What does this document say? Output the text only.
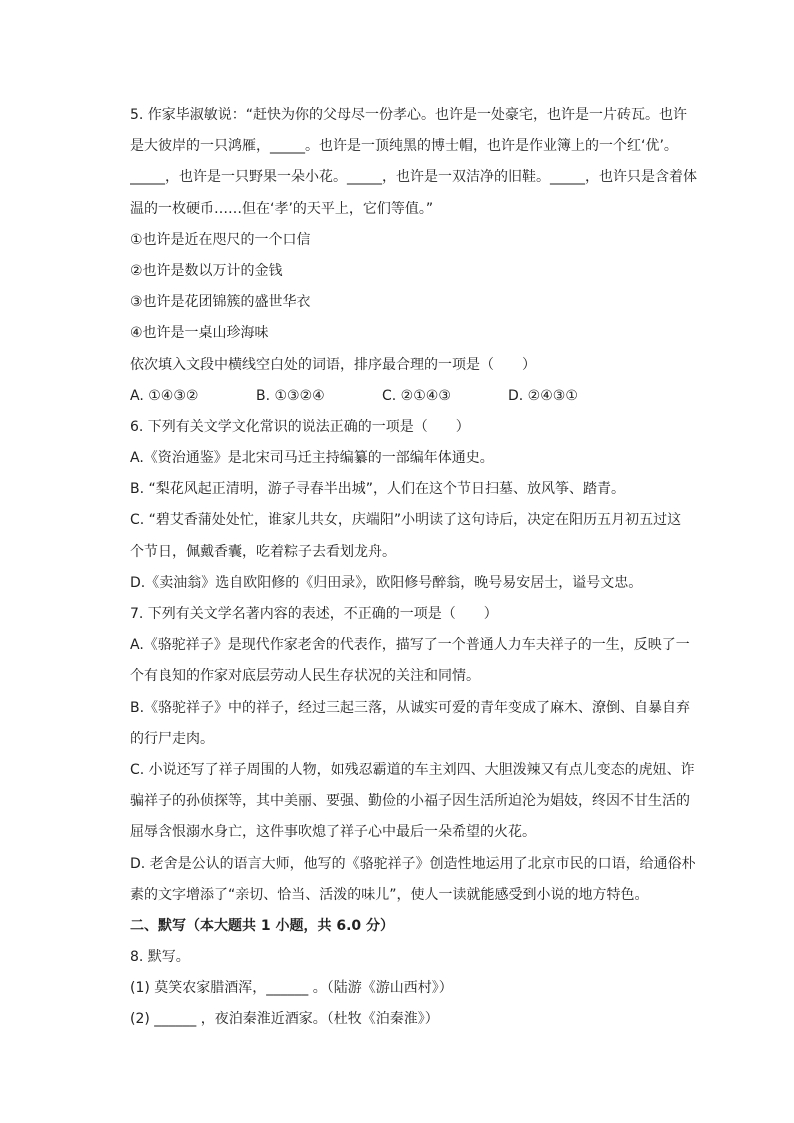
5. 作家毕淑敏说：“赶快为你的父母尽一份孝心。也许是一处豪宅，也许是一片砖瓦。也许
是大彼岸的一只鸿雁，_____。也许是一顶纯黑的博士帽，也许是作业簿上的一个红‘优’。
_____，也许是一只野果一朵小花。_____，也许是一双洁净的旧鞋。_____，也许只是含着体
温的一枚硬币……但在‘孝’的天平上，它们等值。”
①也许是近在咫尺的一个口信
②也许是数以万计的金钱
③也许是花团锦簇的盛世华衣
④也许是一桌山珍海味
依次填入文段中横线空白处的词语，排序最合理的一项是（　　）
A. ①④③②	B. ①③②④	C. ②①④③	D. ②④③①
6. 下列有关文学文化常识的说法正确的一项是（　　）
A.《资治通鉴》是北宋司马迁主持编纂的一部编年体通史。
B. “梨花风起正清明，游子寻春半出城”，人们在这个节日扫墓、放风筝、踏青。
C. “碧艾香蒲处处忙，谁家儿共女，庆端阳”小明读了这句诗后，决定在阳历五月初五过这
个节日，佩戴香囊，吃着粽子去看划龙舟。
D.《卖油翁》选自欧阳修的《归田录》，欧阳修号醉翁，晚号易安居士，谥号文忠。
7. 下列有关文学名著内容的表述，不正确的一项是（　　）
A.《骆驼祥子》是现代作家老舍的代表作，描写了一个普通人力车夫祥子的一生，反映了一
个有良知的作家对底层劳动人民生存状况的关注和同情。
B.《骆驼祥子》中的祥子，经过三起三落，从诚实可爱的青年变成了麻木、潦倒、自暴自弃
的行尸走肉。
C. 小说还写了祥子周围的人物，如残忍霸道的车主刘四、大胆泼辣又有点儿变态的虎妞、诈
骗祥子的孙侦探等，其中美丽、要强、勤俭的小福子因生活所迫沦为娼妓，终因不甘生活的
屈辱含恨溺水身亡，这件事吹熄了祥子心中最后一朵希望的火花。
D. 老舍是公认的语言大师，他写的《骆驼祥子》创造性地运用了北京市民的口语，给通俗朴
素的文字增添了“亲切、恰当、活泼的味儿”，使人一读就能感受到小说的地方特色。
二、默写（本大题共 1 小题，共 6.0 分）
8. 默写。
(1) 莫笑农家腊酒浑，______ 。（陆游《游山西村》）
(2) ______ ，夜泊秦淮近酒家。（杜牧《泊秦淮》）
